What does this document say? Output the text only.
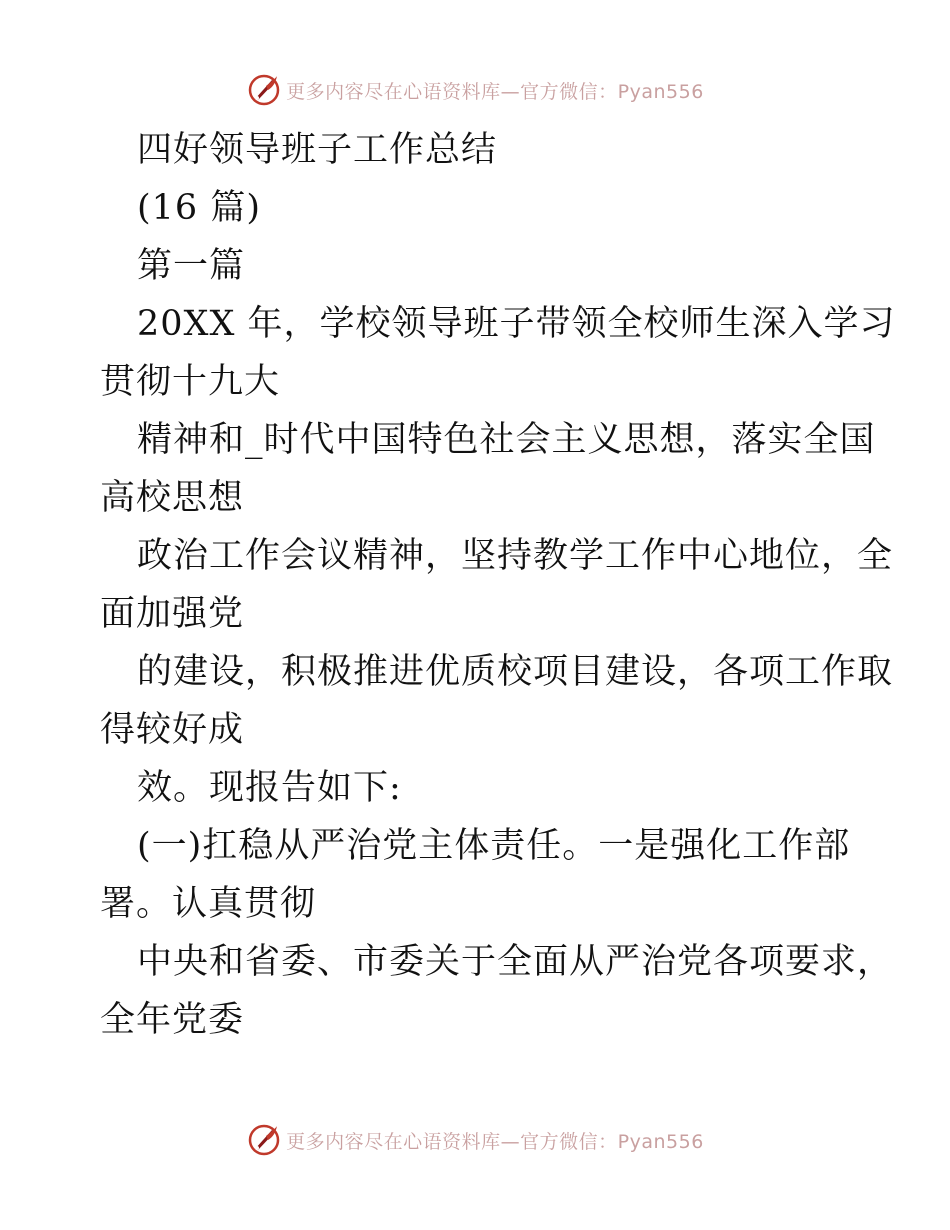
更多内容尽在心语资料库—官方微信：Pyan556
四好领导班子工作总结
(16 篇)
第一篇
20XX 年，学校领导班子带领全校师生深入学习
贯彻十九大
精神和_时代中国特色社会主义思想，落实全国
高校思想
政治工作会议精神，坚持教学工作中心地位，全
面加强党
的建设，积极推进优质校项目建设，各项工作取
得较好成
效。现报告如下:
(一)扛稳从严治党主体责任。一是强化工作部
署。认真贯彻
中央和省委、市委关于全面从严治党各项要求，
全年党委
更多内容尽在心语资料库—官方微信：Pyan556
